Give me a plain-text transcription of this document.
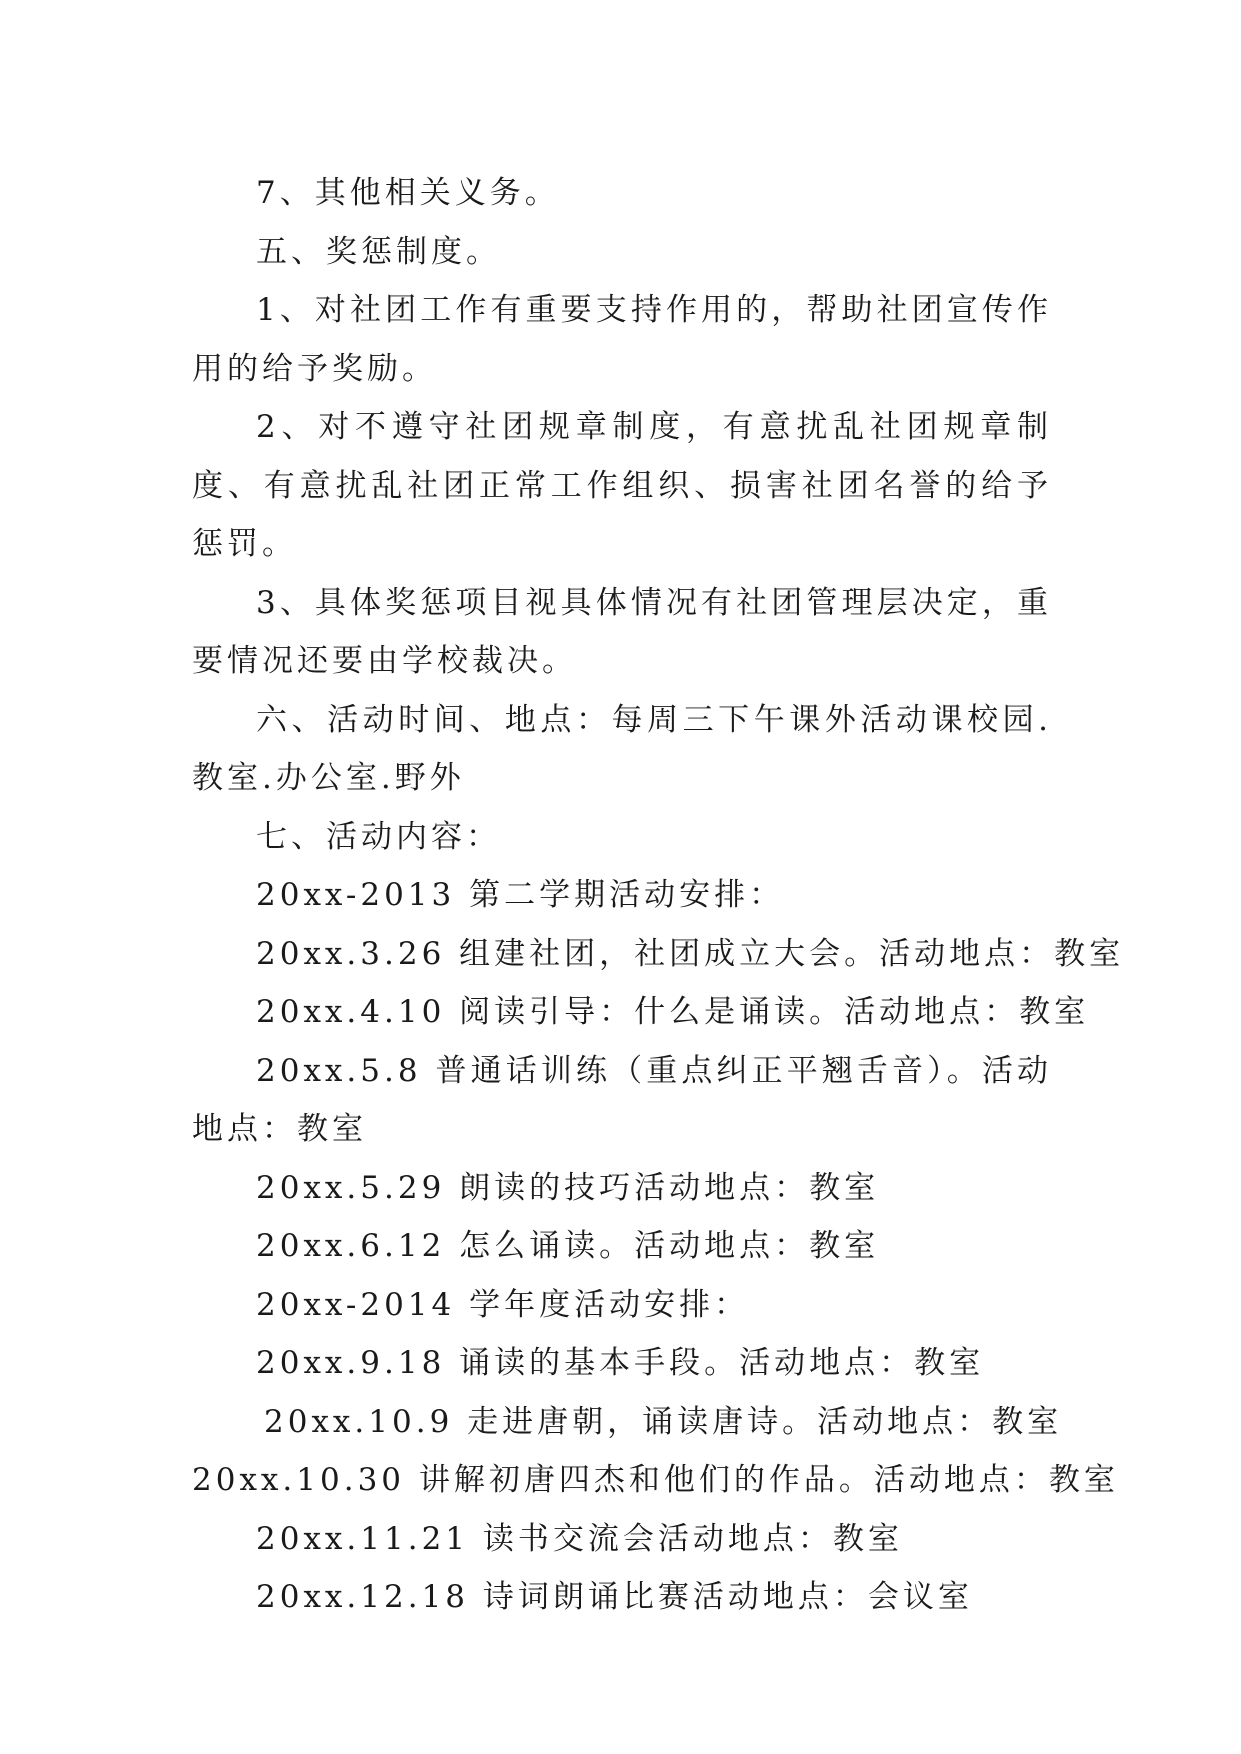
7、其他相关义务。

五、奖惩制度。

1、对社团工作有重要支持作用的，帮助社团宣传作用的给予奖励。

2、对不遵守社团规章制度，有意扰乱社团规章制度、有意扰乱社团正常工作组织、损害社团名誉的给予惩罚。

3、具体奖惩项目视具体情况有社团管理层决定，重要情况还要由学校裁决。

六、活动时间、地点：每周三下午课外活动课校园.教室.办公室.野外

七、活动内容：

20xx-2013 第二学期活动安排：

20xx.3.26 组建社团，社团成立大会。活动地点：教室

20xx.4.10 阅读引导：什么是诵读。活动地点：教室

20xx.5.8 普通话训练（重点纠正平翘舌音）。活动地点：教室

20xx.5.29 朗读的技巧活动地点：教室

20xx.6.12 怎么诵读。活动地点：教室

20xx-2014 学年度活动安排：

20xx.9.18 诵读的基本手段。活动地点：教室

20xx.10.9 走进唐朝，诵读唐诗。活动地点：教室

20xx.10.30 讲解初唐四杰和他们的作品。活动地点：教室

20xx.11.21 读书交流会活动地点：教室

20xx.12.18 诗词朗诵比赛活动地点：会议室
